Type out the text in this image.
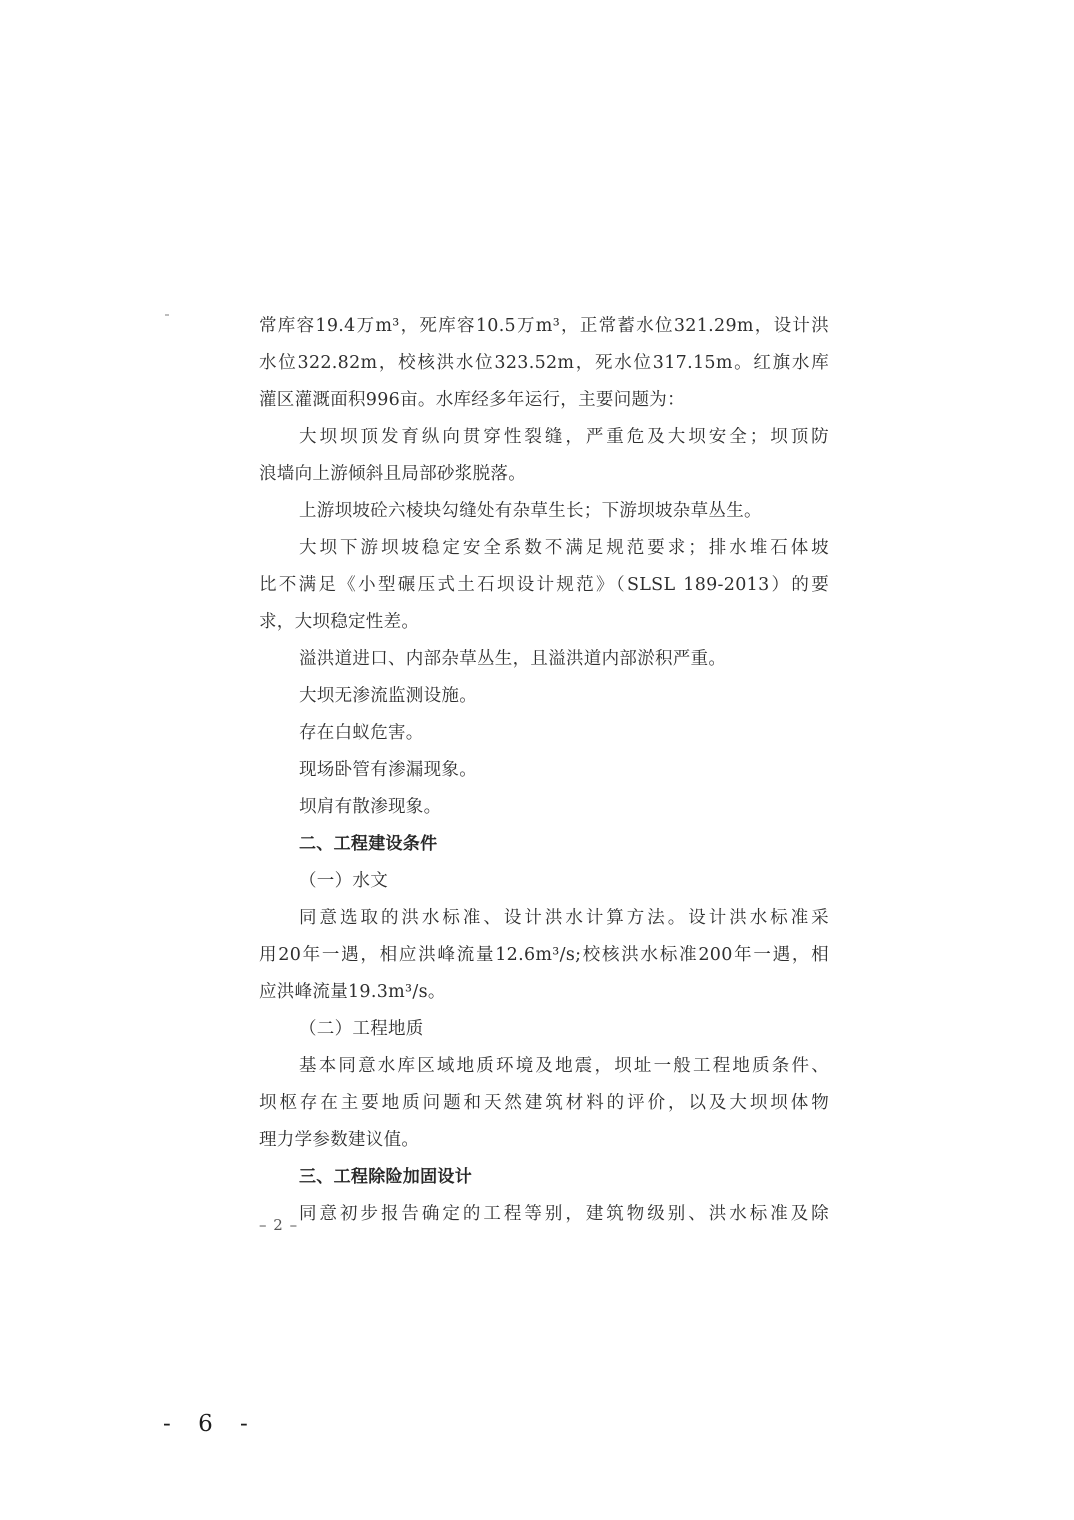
常库容19.4万m³，死库容10.5万m³，正常蓄水位321.29m，设计洪
水位322.82m，校核洪水位323.52m，死水位317.15m。红旗水库
灌区灌溉面积996亩。水库经多年运行，主要问题为：
大坝坝顶发育纵向贯穿性裂缝，严重危及大坝安全；坝顶防
浪墙向上游倾斜且局部砂浆脱落。
上游坝坡砼六棱块勾缝处有杂草生长；下游坝坡杂草丛生。
大坝下游坝坡稳定安全系数不满足规范要求；排水堆石体坡
比不满足《小型碾压式土石坝设计规范》（SLSL 189-2013）的要
求，大坝稳定性差。
溢洪道进口、内部杂草丛生，且溢洪道内部淤积严重。
大坝无渗流监测设施。
存在白蚁危害。
现场卧管有渗漏现象。
坝肩有散渗现象。
二、工程建设条件
（一）水文
同意选取的洪水标准、设计洪水计算方法。设计洪水标准采
用20年一遇，相应洪峰流量12.6m³/s;校核洪水标准200年一遇，相
应洪峰流量19.3m³/s。
（二）工程地质
基本同意水库区域地质环境及地震，坝址一般工程地质条件、
坝枢存在主要地质问题和天然建筑材料的评价，以及大坝坝体物
理力学参数建议值。
三、工程除险加固设计
同意初步报告确定的工程等别，建筑物级别、洪水标准及除
– 2 –
- 6 -
